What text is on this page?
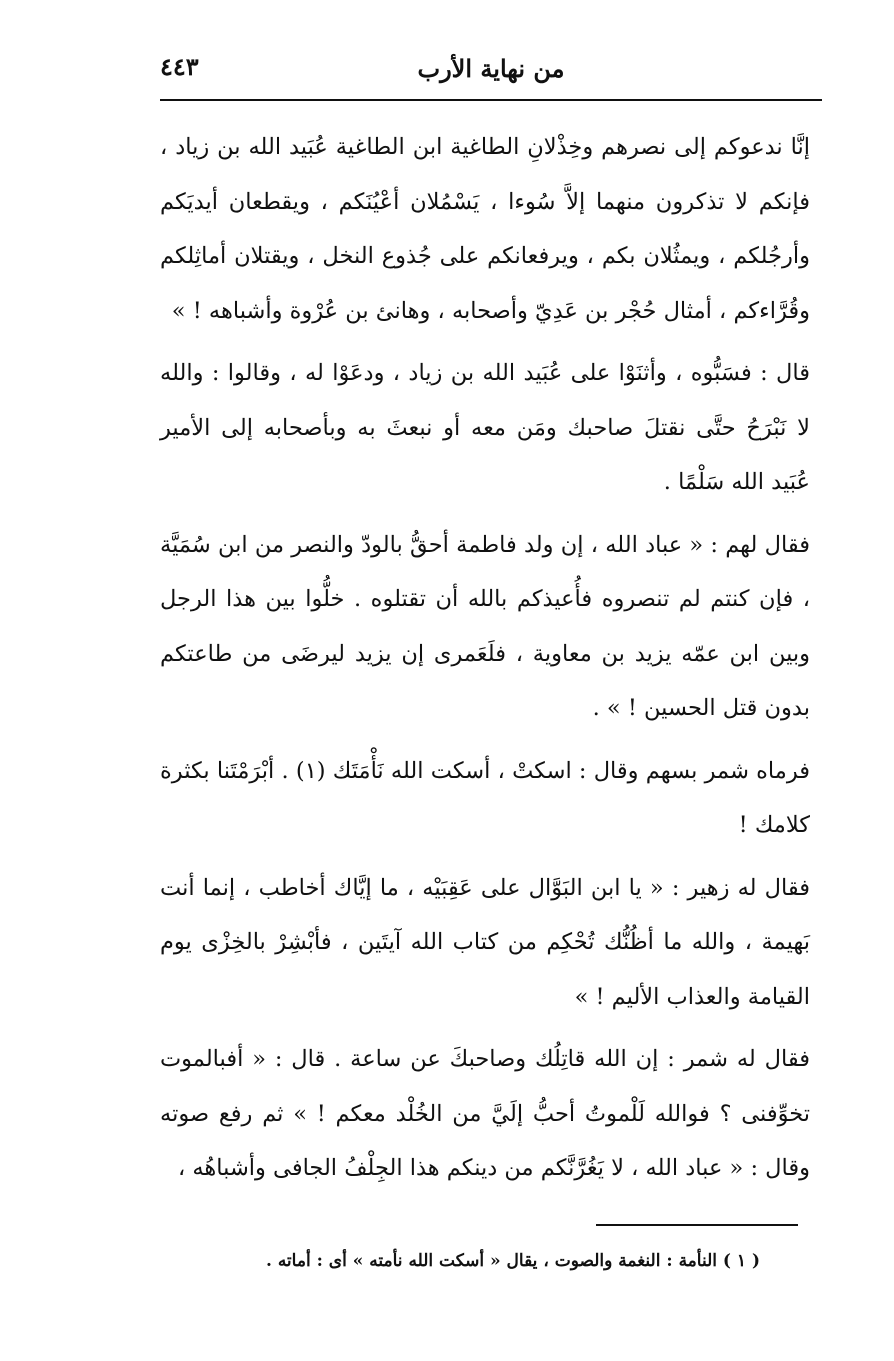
من نهاية الأرب
٤٤٣

إنَّا ندعوكم إلى نصرهم وخِذْلانِ الطاغية ابن الطاغية عُبَيد الله بن زياد ، فإنكم لا تذكرون منهما إلاَّ سُوءا ، يَسْمُلان أعْيُنَكم ، ويقطعان أيديَكم وأرجُلكم ، ويمثُلان بكم ، ويرفعانكم على جُذوع النخل ، ويقتلان أماثِلكم وقُرَّاءكم ، أمثال حُجْر بن عَدِيّ وأصحابه ، وهانئ بن عُرْوة وأشباهه ! »

قال : فسَبُّوه ، وأثنَوْا على عُبَيد الله بن زياد ، ودعَوْا له ، وقالوا : والله لا نَبْرَحُ حتَّى نقتلَ صاحبك ومَن معه أو نبعثَ به وبأصحابه إلى الأمير عُبَيد الله سَلْمًا .

فقال لهم : « عباد الله ، إن ولد فاطمة أحقُّ بالودّ والنصر من ابن سُمَيَّة ، فإن كنتم لم تنصروه فأُعيذكم بالله أن تقتلوه . خلُّوا بين هذا الرجل وبين ابن عمّه يزيد بن معاوية ، فلَعَمرى إن يزيد ليرضَى من طاعتكم بدون قتل الحسين ! » .

فرماه شمر بسهم وقال : اسكتْ ، أسكت الله نَأْمَتَك (١) . أبْرَمْتَنا بكثرة كلامك !

فقال له زهير : « يا ابن البَوَّال على عَقِبَيْه ، ما إيَّاك أخاطب ، إنما أنت بَهيمة ، والله ما أظُنُّك تُحْكِم من كتاب الله آيتَين ، فأبْشِرْ بالخِزْى يوم القيامة والعذاب الأليم ! »

فقال له شمر : إن الله قاتِلُك وصاحبكَ عن ساعة . قال : « أفبالموت تخوِّفنى ؟ فوالله لَلْموتُ أحبُّ إلَيَّ من الخُلْد معكم ! » ثم رفع صوته وقال : « عباد الله ، لا يَغُرَّنَّكم من دينكم هذا الجِلْفُ الجافى وأشباهُه ،

( ١ ) النأمة : النغمة والصوت ، يقال « أسكت الله نأمته » أى : أماته .
